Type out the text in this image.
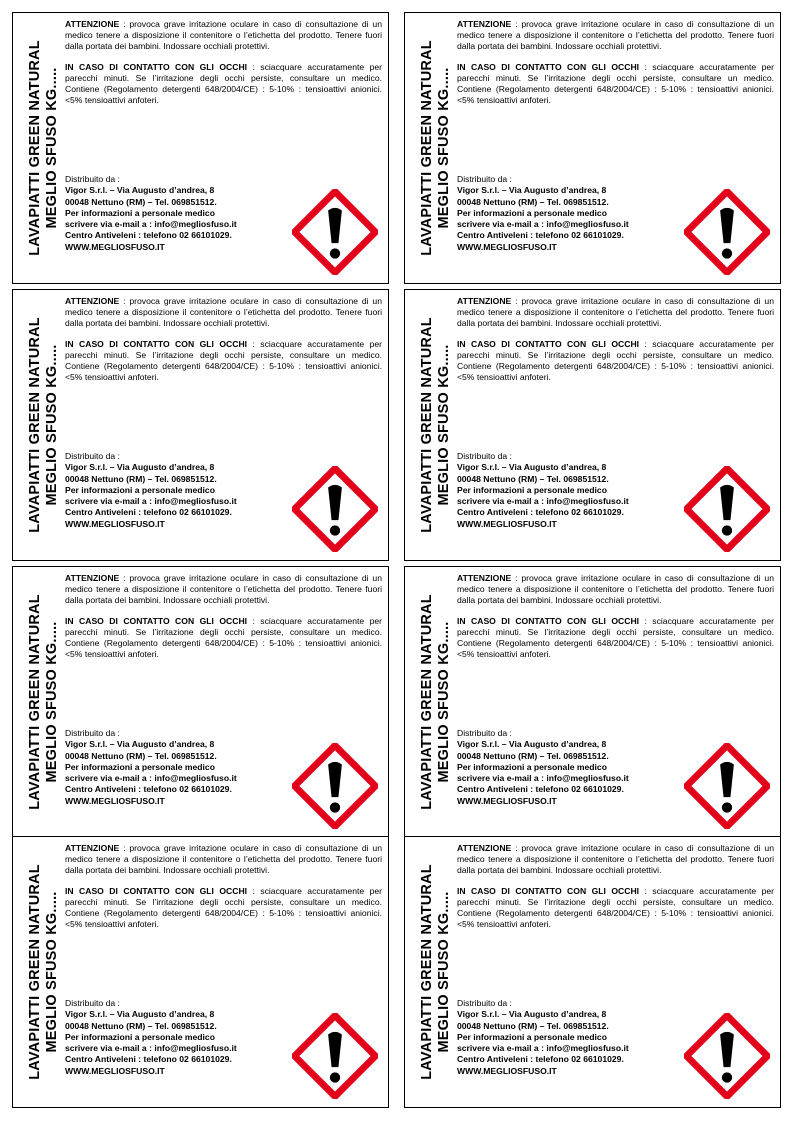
LAVAPIATTI GREEN NATURAL MEGLIO SFUSO KG.....

ATTENZIONE : provoca grave irritazione oculare in caso di consultazione di un medico tenere a disposizione il contenitore o l’etichetta del prodotto. Tenere fuori dalla portata dei bambini. Indossare occhiali protettivi.

IN CASO DI CONTATTO CON GLI OCCHI : sciacquare accuratamente per parecchi minuti. Se l’irritazione degli occhi persiste, consultare un medico. Contiene (Regolamento detergenti 648/2004/CE) : 5-10% : tensioattivi anionici. <5% tensioattivi anfoteri.

Distribuito da :
Vigor S.r.l. – Via Augusto d’andrea, 8
00048 Nettuno (RM) – Tel. 069851512.
Per informazioni a personale medico
scrivere via e-mail a : info@megliosfuso.it
Centro Antiveleni : telefono 02 66101029.
WWW.MEGLIOSFUSO.IT	LAVAPIATTI GREEN NATURAL MEGLIO SFUSO KG.....

ATTENZIONE : provoca grave irritazione oculare in caso di consultazione di un medico tenere a disposizione il contenitore o l’etichetta del prodotto. Tenere fuori dalla portata dei bambini. Indossare occhiali protettivi.

IN CASO DI CONTATTO CON GLI OCCHI : sciacquare accuratamente per parecchi minuti. Se l’irritazione degli occhi persiste, consultare un medico. Contiene (Regolamento detergenti 648/2004/CE) : 5-10% : tensioattivi anionici. <5% tensioattivi anfoteri.

Distribuito da :
Vigor S.r.l. – Via Augusto d’andrea, 8
00048 Nettuno (RM) – Tel. 069851512.
Per informazioni a personale medico
scrivere via e-mail a : info@megliosfuso.it
Centro Antiveleni : telefono 02 66101029.
WWW.MEGLIOSFUSO.IT
LAVAPIATTI GREEN NATURAL MEGLIO SFUSO KG.....

ATTENZIONE : provoca grave irritazione oculare in caso di consultazione di un medico tenere a disposizione il contenitore o l’etichetta del prodotto. Tenere fuori dalla portata dei bambini. Indossare occhiali protettivi.

IN CASO DI CONTATTO CON GLI OCCHI : sciacquare accuratamente per parecchi minuti. Se l’irritazione degli occhi persiste, consultare un medico. Contiene (Regolamento detergenti 648/2004/CE) : 5-10% : tensioattivi anionici. <5% tensioattivi anfoteri.

Distribuito da :
Vigor S.r.l. – Via Augusto d’andrea, 8
00048 Nettuno (RM) – Tel. 069851512.
Per informazioni a personale medico
scrivere via e-mail a : info@megliosfuso.it
Centro Antiveleni : telefono 02 66101029.
WWW.MEGLIOSFUSO.IT	LAVAPIATTI GREEN NATURAL MEGLIO SFUSO KG.....

ATTENZIONE : provoca grave irritazione oculare in caso di consultazione di un medico tenere a disposizione il contenitore o l’etichetta del prodotto. Tenere fuori dalla portata dei bambini. Indossare occhiali protettivi.

IN CASO DI CONTATTO CON GLI OCCHI : sciacquare accuratamente per parecchi minuti. Se l’irritazione degli occhi persiste, consultare un medico. Contiene (Regolamento detergenti 648/2004/CE) : 5-10% : tensioattivi anionici. <5% tensioattivi anfoteri.

Distribuito da :
Vigor S.r.l. – Via Augusto d’andrea, 8
00048 Nettuno (RM) – Tel. 069851512.
Per informazioni a personale medico
scrivere via e-mail a : info@megliosfuso.it
Centro Antiveleni : telefono 02 66101029.
WWW.MEGLIOSFUSO.IT
LAVAPIATTI GREEN NATURAL MEGLIO SFUSO KG.....

ATTENZIONE : provoca grave irritazione oculare in caso di consultazione di un medico tenere a disposizione il contenitore o l’etichetta del prodotto. Tenere fuori dalla portata dei bambini. Indossare occhiali protettivi.

IN CASO DI CONTATTO CON GLI OCCHI : sciacquare accuratamente per parecchi minuti. Se l’irritazione degli occhi persiste, consultare un medico. Contiene (Regolamento detergenti 648/2004/CE) : 5-10% : tensioattivi anionici. <5% tensioattivi anfoteri.

Distribuito da :
Vigor S.r.l. – Via Augusto d’andrea, 8
00048 Nettuno (RM) – Tel. 069851512.
Per informazioni a personale medico
scrivere via e-mail a : info@megliosfuso.it
Centro Antiveleni : telefono 02 66101029.
WWW.MEGLIOSFUSO.IT	LAVAPIATTI GREEN NATURAL MEGLIO SFUSO KG.....

ATTENZIONE : provoca grave irritazione oculare in caso di consultazione di un medico tenere a disposizione il contenitore o l’etichetta del prodotto. Tenere fuori dalla portata dei bambini. Indossare occhiali protettivi.

IN CASO DI CONTATTO CON GLI OCCHI : sciacquare accuratamente per parecchi minuti. Se l’irritazione degli occhi persiste, consultare un medico. Contiene (Regolamento detergenti 648/2004/CE) : 5-10% : tensioattivi anionici. <5% tensioattivi anfoteri.

Distribuito da :
Vigor S.r.l. – Via Augusto d’andrea, 8
00048 Nettuno (RM) – Tel. 069851512.
Per informazioni a personale medico
scrivere via e-mail a : info@megliosfuso.it
Centro Antiveleni : telefono 02 66101029.
WWW.MEGLIOSFUSO.IT
LAVAPIATTI GREEN NATURAL MEGLIO SFUSO KG.....

ATTENZIONE : provoca grave irritazione oculare in caso di consultazione di un medico tenere a disposizione il contenitore o l’etichetta del prodotto. Tenere fuori dalla portata dei bambini. Indossare occhiali protettivi.

IN CASO DI CONTATTO CON GLI OCCHI : sciacquare accuratamente per parecchi minuti. Se l’irritazione degli occhi persiste, consultare un medico. Contiene (Regolamento detergenti 648/2004/CE) : 5-10% : tensioattivi anionici. <5% tensioattivi anfoteri.

Distribuito da :
Vigor S.r.l. – Via Augusto d’andrea, 8
00048 Nettuno (RM) – Tel. 069851512.
Per informazioni a personale medico
scrivere via e-mail a : info@megliosfuso.it
Centro Antiveleni : telefono 02 66101029.
WWW.MEGLIOSFUSO.IT	LAVAPIATTI GREEN NATURAL MEGLIO SFUSO KG.....

ATTENZIONE : provoca grave irritazione oculare in caso di consultazione di un medico tenere a disposizione il contenitore o l’etichetta del prodotto. Tenere fuori dalla portata dei bambini. Indossare occhiali protettivi.

IN CASO DI CONTATTO CON GLI OCCHI : sciacquare accuratamente per parecchi minuti. Se l’irritazione degli occhi persiste, consultare un medico. Contiene (Regolamento detergenti 648/2004/CE) : 5-10% : tensioattivi anionici. <5% tensioattivi anfoteri.

Distribuito da :
Vigor S.r.l. – Via Augusto d’andrea, 8
00048 Nettuno (RM) – Tel. 069851512.
Per informazioni a personale medico
scrivere via e-mail a : info@megliosfuso.it
Centro Antiveleni : telefono 02 66101029.
WWW.MEGLIOSFUSO.IT
